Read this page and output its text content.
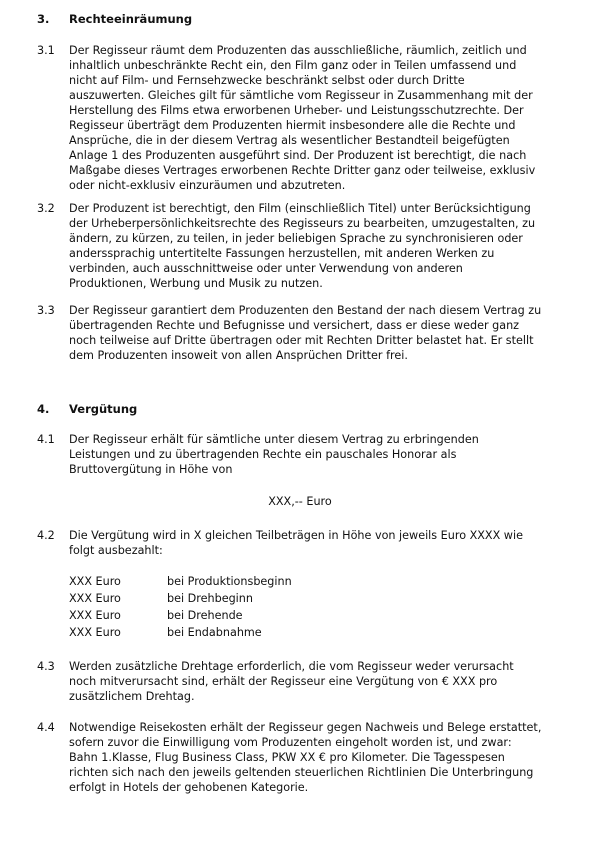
3. Rechteeinräumung
3.1 Der Regisseur räumt dem Produzenten das ausschließliche, räumlich, zeitlich und
inhaltlich unbeschränkte Recht ein, den Film ganz oder in Teilen umfassend und
nicht auf Film- und Fernsehzwecke beschränkt selbst oder durch Dritte
auszuwerten. Gleiches gilt für sämtliche vom Regisseur in Zusammenhang mit der
Herstellung des Films etwa erworbenen Urheber- und Leistungsschutzrechte. Der
Regisseur überträgt dem Produzenten hiermit insbesondere alle die Rechte und
Ansprüche, die in der diesem Vertrag als wesentlicher Bestandteil beigefügten
Anlage 1 des Produzenten ausgeführt sind. Der Produzent ist berechtigt, die nach
Maßgabe dieses Vertrages erworbenen Rechte Dritter ganz oder teilweise, exklusiv
oder nicht-exklusiv einzuräumen und abzutreten.
3.2 Der Produzent ist berechtigt, den Film (einschließlich Titel) unter Berücksichtigung
der Urheberpersönlichkeitsrechte des Regisseurs zu bearbeiten, umzugestalten, zu
ändern, zu kürzen, zu teilen, in jeder beliebigen Sprache zu synchronisieren oder
anderssprachig untertitelte Fassungen herzustellen, mit anderen Werken zu
verbinden, auch ausschnittweise oder unter Verwendung von anderen
Produktionen, Werbung und Musik zu nutzen.
3.3 Der Regisseur garantiert dem Produzenten den Bestand der nach diesem Vertrag zu
übertragenden Rechte und Befugnisse und versichert, dass er diese weder ganz
noch teilweise auf Dritte übertragen oder mit Rechten Dritter belastet hat. Er stellt
dem Produzenten insoweit von allen Ansprüchen Dritter frei.
4. Vergütung
4.1 Der Regisseur erhält für sämtliche unter diesem Vertrag zu erbringenden
Leistungen und zu übertragenden Rechte ein pauschales Honorar als
Bruttovergütung in Höhe von
XXX,-- Euro
4.2 Die Vergütung wird in X gleichen Teilbeträgen in Höhe von jeweils Euro XXXX wie
folgt ausbezahlt:
XXX Euro	bei Produktionsbeginn
XXX Euro	bei Drehbeginn
XXX Euro	bei Drehende
XXX Euro	bei Endabnahme
4.3 Werden zusätzliche Drehtage erforderlich, die vom Regisseur weder verursacht
noch mitverursacht sind, erhält der Regisseur eine Vergütung von € XXX pro
zusätzlichem Drehtag.
4.4 Notwendige Reisekosten erhält der Regisseur gegen Nachweis und Belege erstattet,
sofern zuvor die Einwilligung vom Produzenten eingeholt worden ist, und zwar:
Bahn 1.Klasse, Flug Business Class, PKW XX € pro Kilometer. Die Tagesspesen
richten sich nach den jeweils geltenden steuerlichen Richtlinien Die Unterbringung
erfolgt in Hotels der gehobenen Kategorie.
